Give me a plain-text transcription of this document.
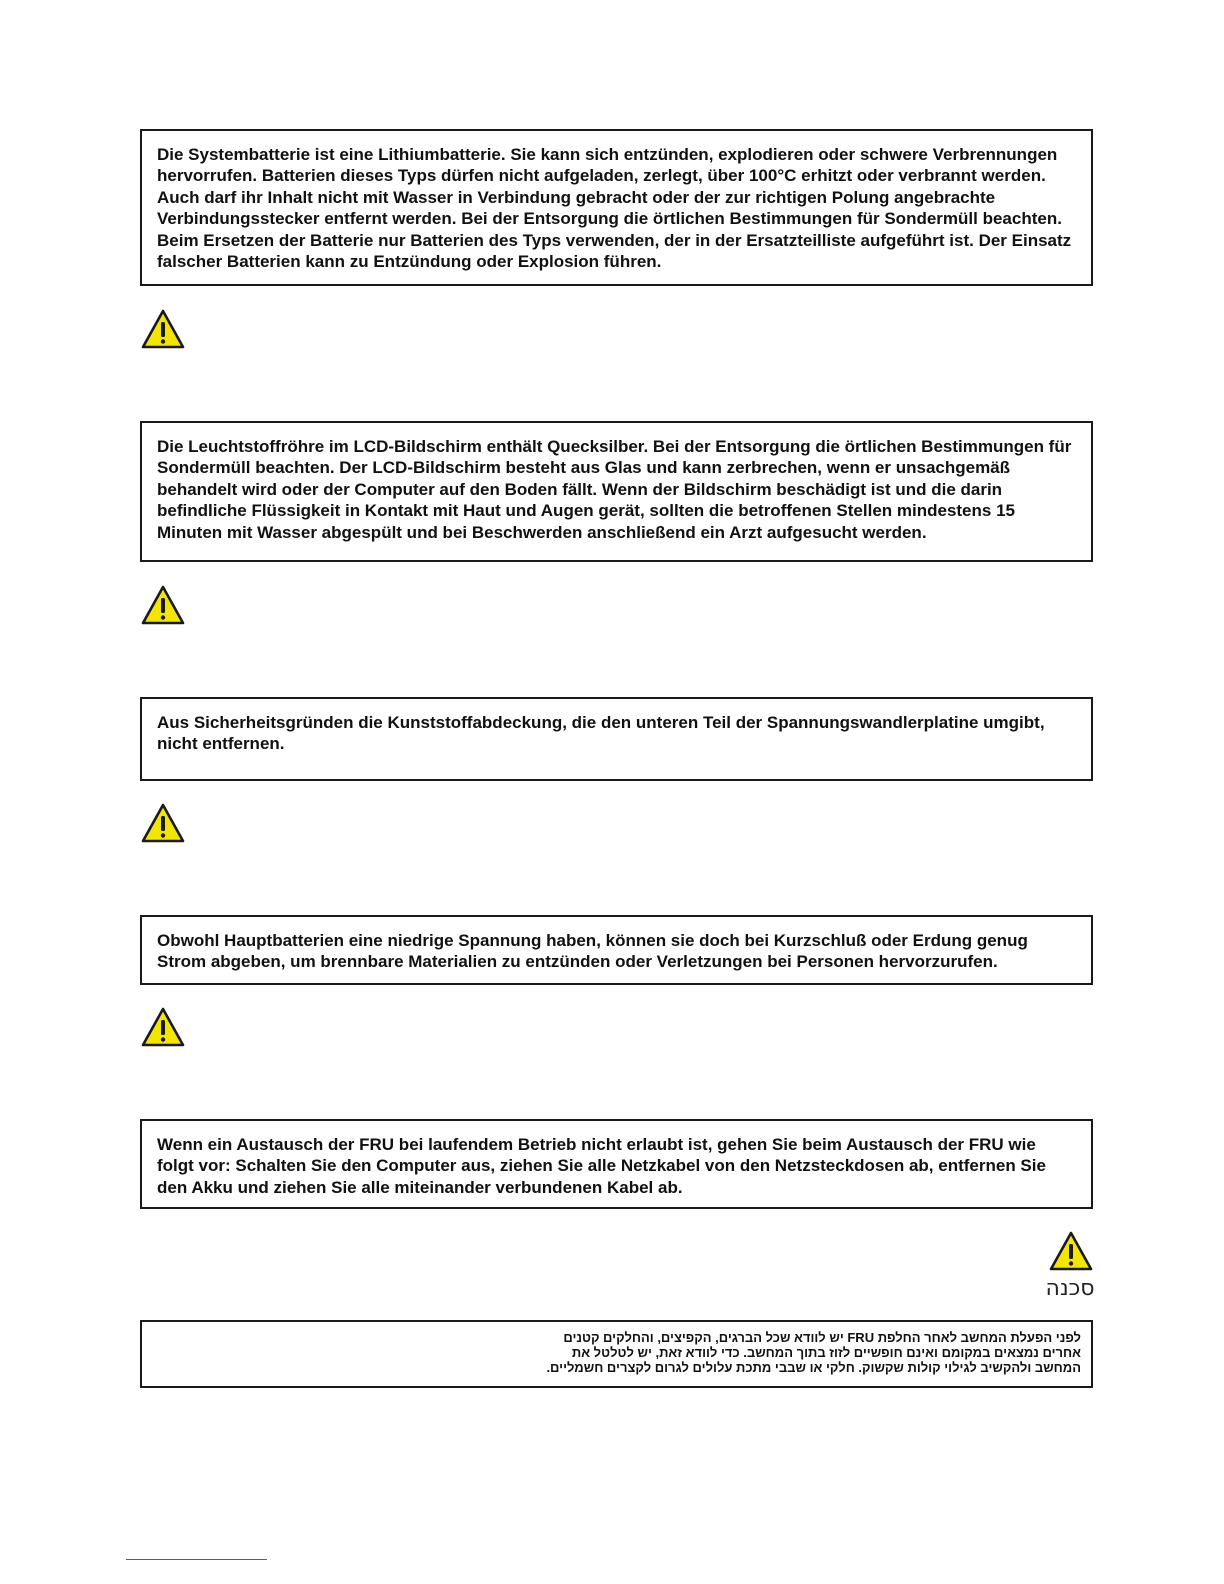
Die Systembatterie ist eine Lithiumbatterie. Sie kann sich entzünden, explodieren oder schwere Verbrennungen hervorrufen. Batterien dieses Typs dürfen nicht aufgeladen, zerlegt, über 100°C erhitzt oder verbrannt werden. Auch darf ihr Inhalt nicht mit Wasser in Verbindung gebracht oder der zur richtigen Polung angebrachte Verbindungsstecker entfernt werden. Bei der Entsorgung die örtlichen Bestimmungen für Sondermüll beachten. Beim Ersetzen der Batterie nur Batterien des Typs verwenden, der in der Ersatzteilliste aufgeführt ist. Der Einsatz falscher Batterien kann zu Entzündung oder Explosion führen.

Die Leuchtstoffröhre im LCD-Bildschirm enthält Quecksilber. Bei der Entsorgung die örtlichen Bestimmungen für Sondermüll beachten. Der LCD-Bildschirm besteht aus Glas und kann zerbrechen, wenn er unsachgemäß behandelt wird oder der Computer auf den Boden fällt. Wenn der Bildschirm beschädigt ist und die darin befindliche Flüssigkeit in Kontakt mit Haut und Augen gerät, sollten die betroffenen Stellen mindestens 15 Minuten mit Wasser abgespült und bei Beschwerden anschließend ein Arzt aufgesucht werden.

Aus Sicherheitsgründen die Kunststoffabdeckung, die den unteren Teil der Spannungswandlerplatine umgibt, nicht entfernen.

Obwohl Hauptbatterien eine niedrige Spannung haben, können sie doch bei Kurzschluß oder Erdung genug Strom abgeben, um brennbare Materialien zu entzünden oder Verletzungen bei Personen hervorzurufen.

Wenn ein Austausch der FRU bei laufendem Betrieb nicht erlaubt ist, gehen Sie beim Austausch der FRU wie folgt vor: Schalten Sie den Computer aus, ziehen Sie alle Netzkabel von den Netzsteckdosen ab, entfernen Sie den Akku und ziehen Sie alle miteinander verbundenen Kabel ab.

סכנה

לפני הפעלת המחשב לאחר החלפת FRU יש לוודא שכל הברגים, הקפיצים, והחלקים קטנים אחרים נמצאים במקומם ואינם חופשיים לזוז בתוך המחשב. כדי לוודא זאת, יש לטלטל את המחשב ולהקשיב לגילוי קולות שקשוק. חלקי או שבבי מתכת עלולים לגרום לקצרים חשמליים.
